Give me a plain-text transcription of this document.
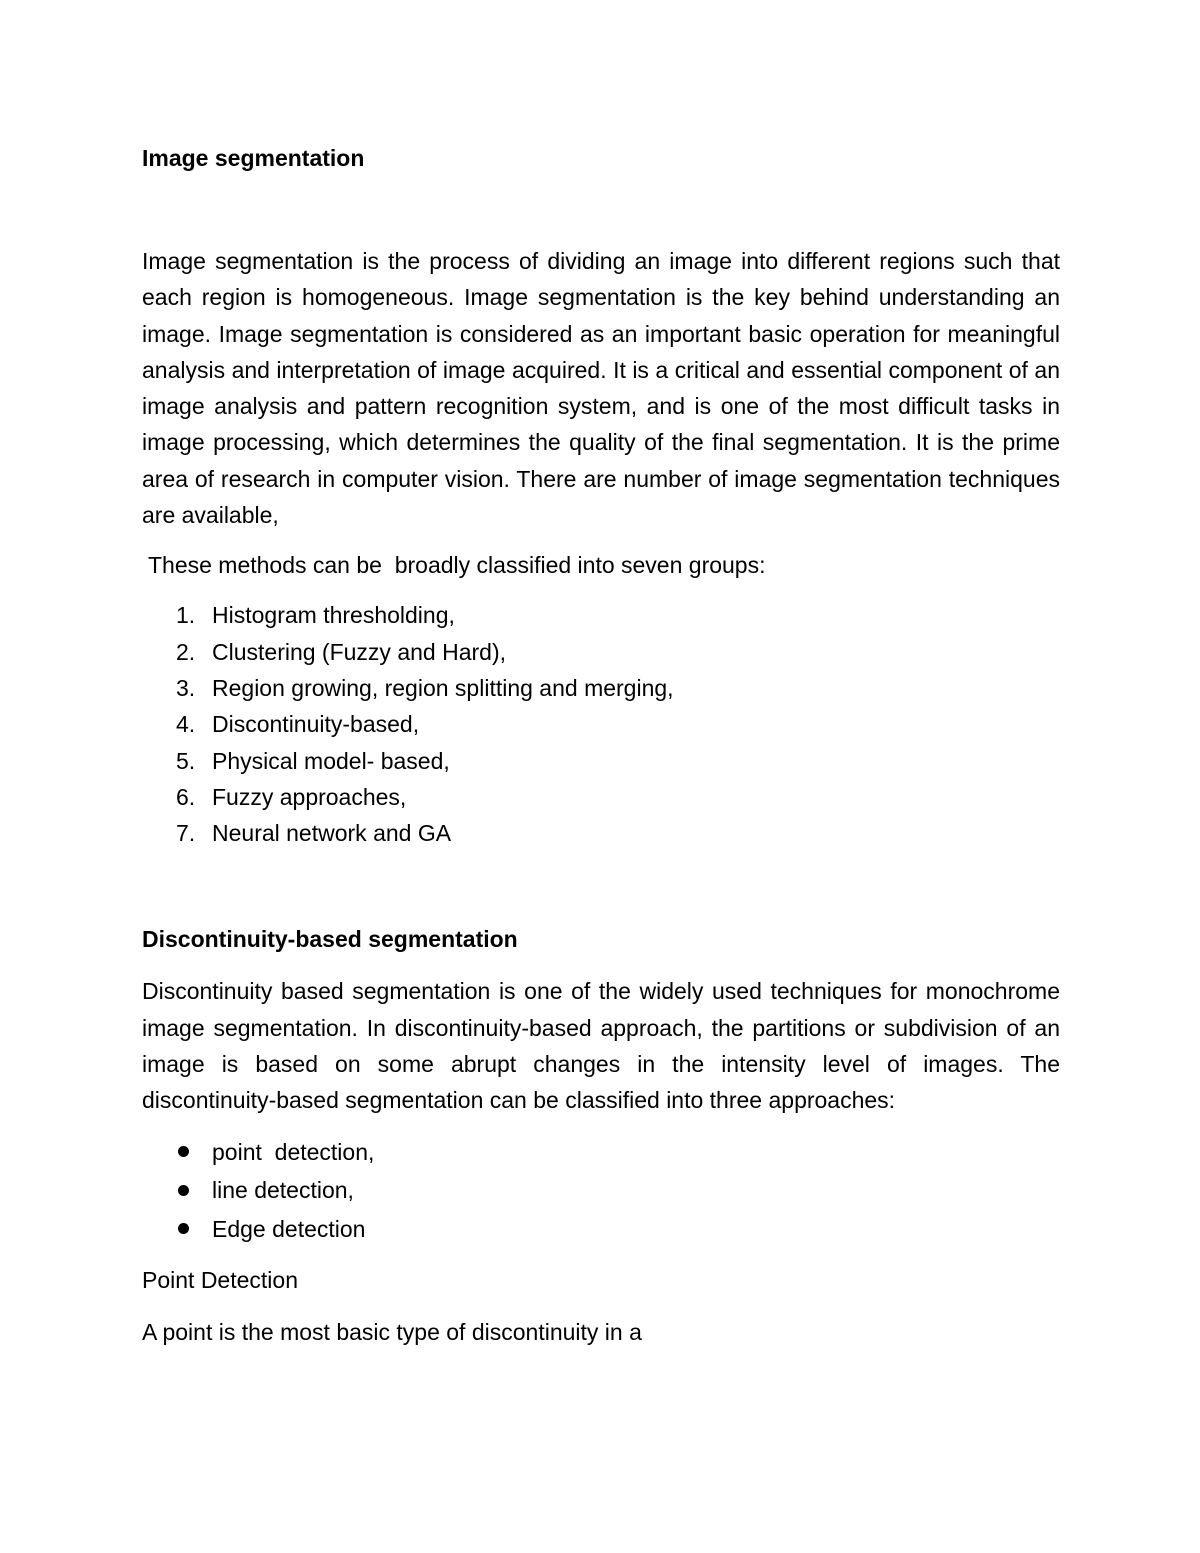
Image segmentation

Image segmentation is the process of dividing an image into different regions such that each region is homogeneous. Image segmentation is the key behind understanding an image. Image segmentation is considered as an important basic operation for meaningful analysis and interpretation of image acquired. It is a critical and essential component of an image analysis and pattern recognition system, and is one of the most difficult tasks in image processing, which determines the quality of the final segmentation. It is the prime area of research in computer vision. There are number of image segmentation techniques are available,

These methods can be  broadly classified into seven groups:

1. Histogram thresholding,
2. Clustering (Fuzzy and Hard),
3. Region growing, region splitting and merging,
4. Discontinuity-based,
5. Physical model- based,
6. Fuzzy approaches,
7. Neural network and GA

Discontinuity-based segmentation

Discontinuity based segmentation is one of the widely used techniques for monochrome image segmentation. In discontinuity-based approach, the partitions or subdivision of an image is based on some abrupt changes in the intensity level of images. The discontinuity-based segmentation can be classified into three approaches:

point  detection,
line detection,
Edge detection

Point Detection

A point is the most basic type of discontinuity in a
